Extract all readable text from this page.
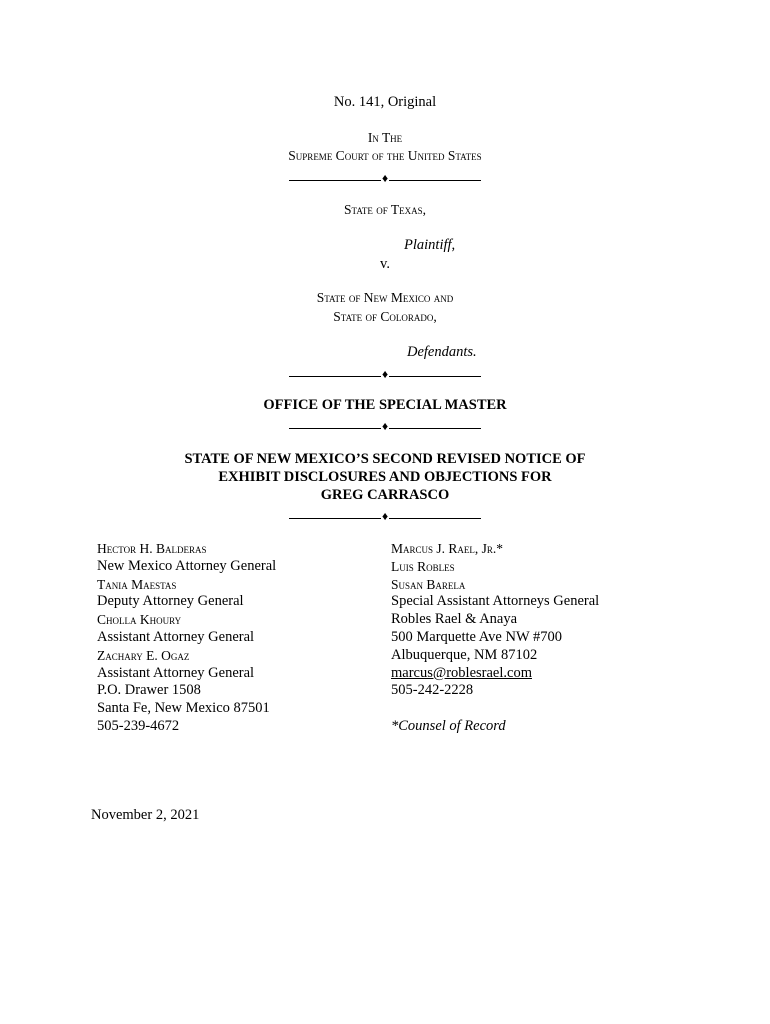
No. 141, Original
In The
Supreme Court of the United States
♦
State of Texas,
Plaintiff,
v.
State of New Mexico and
State of Colorado,
Defendants.
♦
OFFICE OF THE SPECIAL MASTER
♦
STATE OF NEW MEXICO’S SECOND REVISED NOTICE OF
EXHIBIT DISCLOSURES AND OBJECTIONS FOR
GREG CARRASCO
♦
Hector H. Balderas
New Mexico Attorney General
Tania Maestas
Deputy Attorney General
Cholla Khoury
Assistant Attorney General
Zachary E. Ogaz
Assistant Attorney General
P.O. Drawer 1508
Santa Fe, New Mexico 87501
505-239-4672
Marcus J. Rael, Jr.*
Luis Robles
Susan Barela
Special Assistant Attorneys General
Robles Rael & Anaya
500 Marquette Ave NW #700
Albuquerque, NM 87102
marcus@roblesrael.com
505-242-2228
*Counsel of Record
November 2, 2021
